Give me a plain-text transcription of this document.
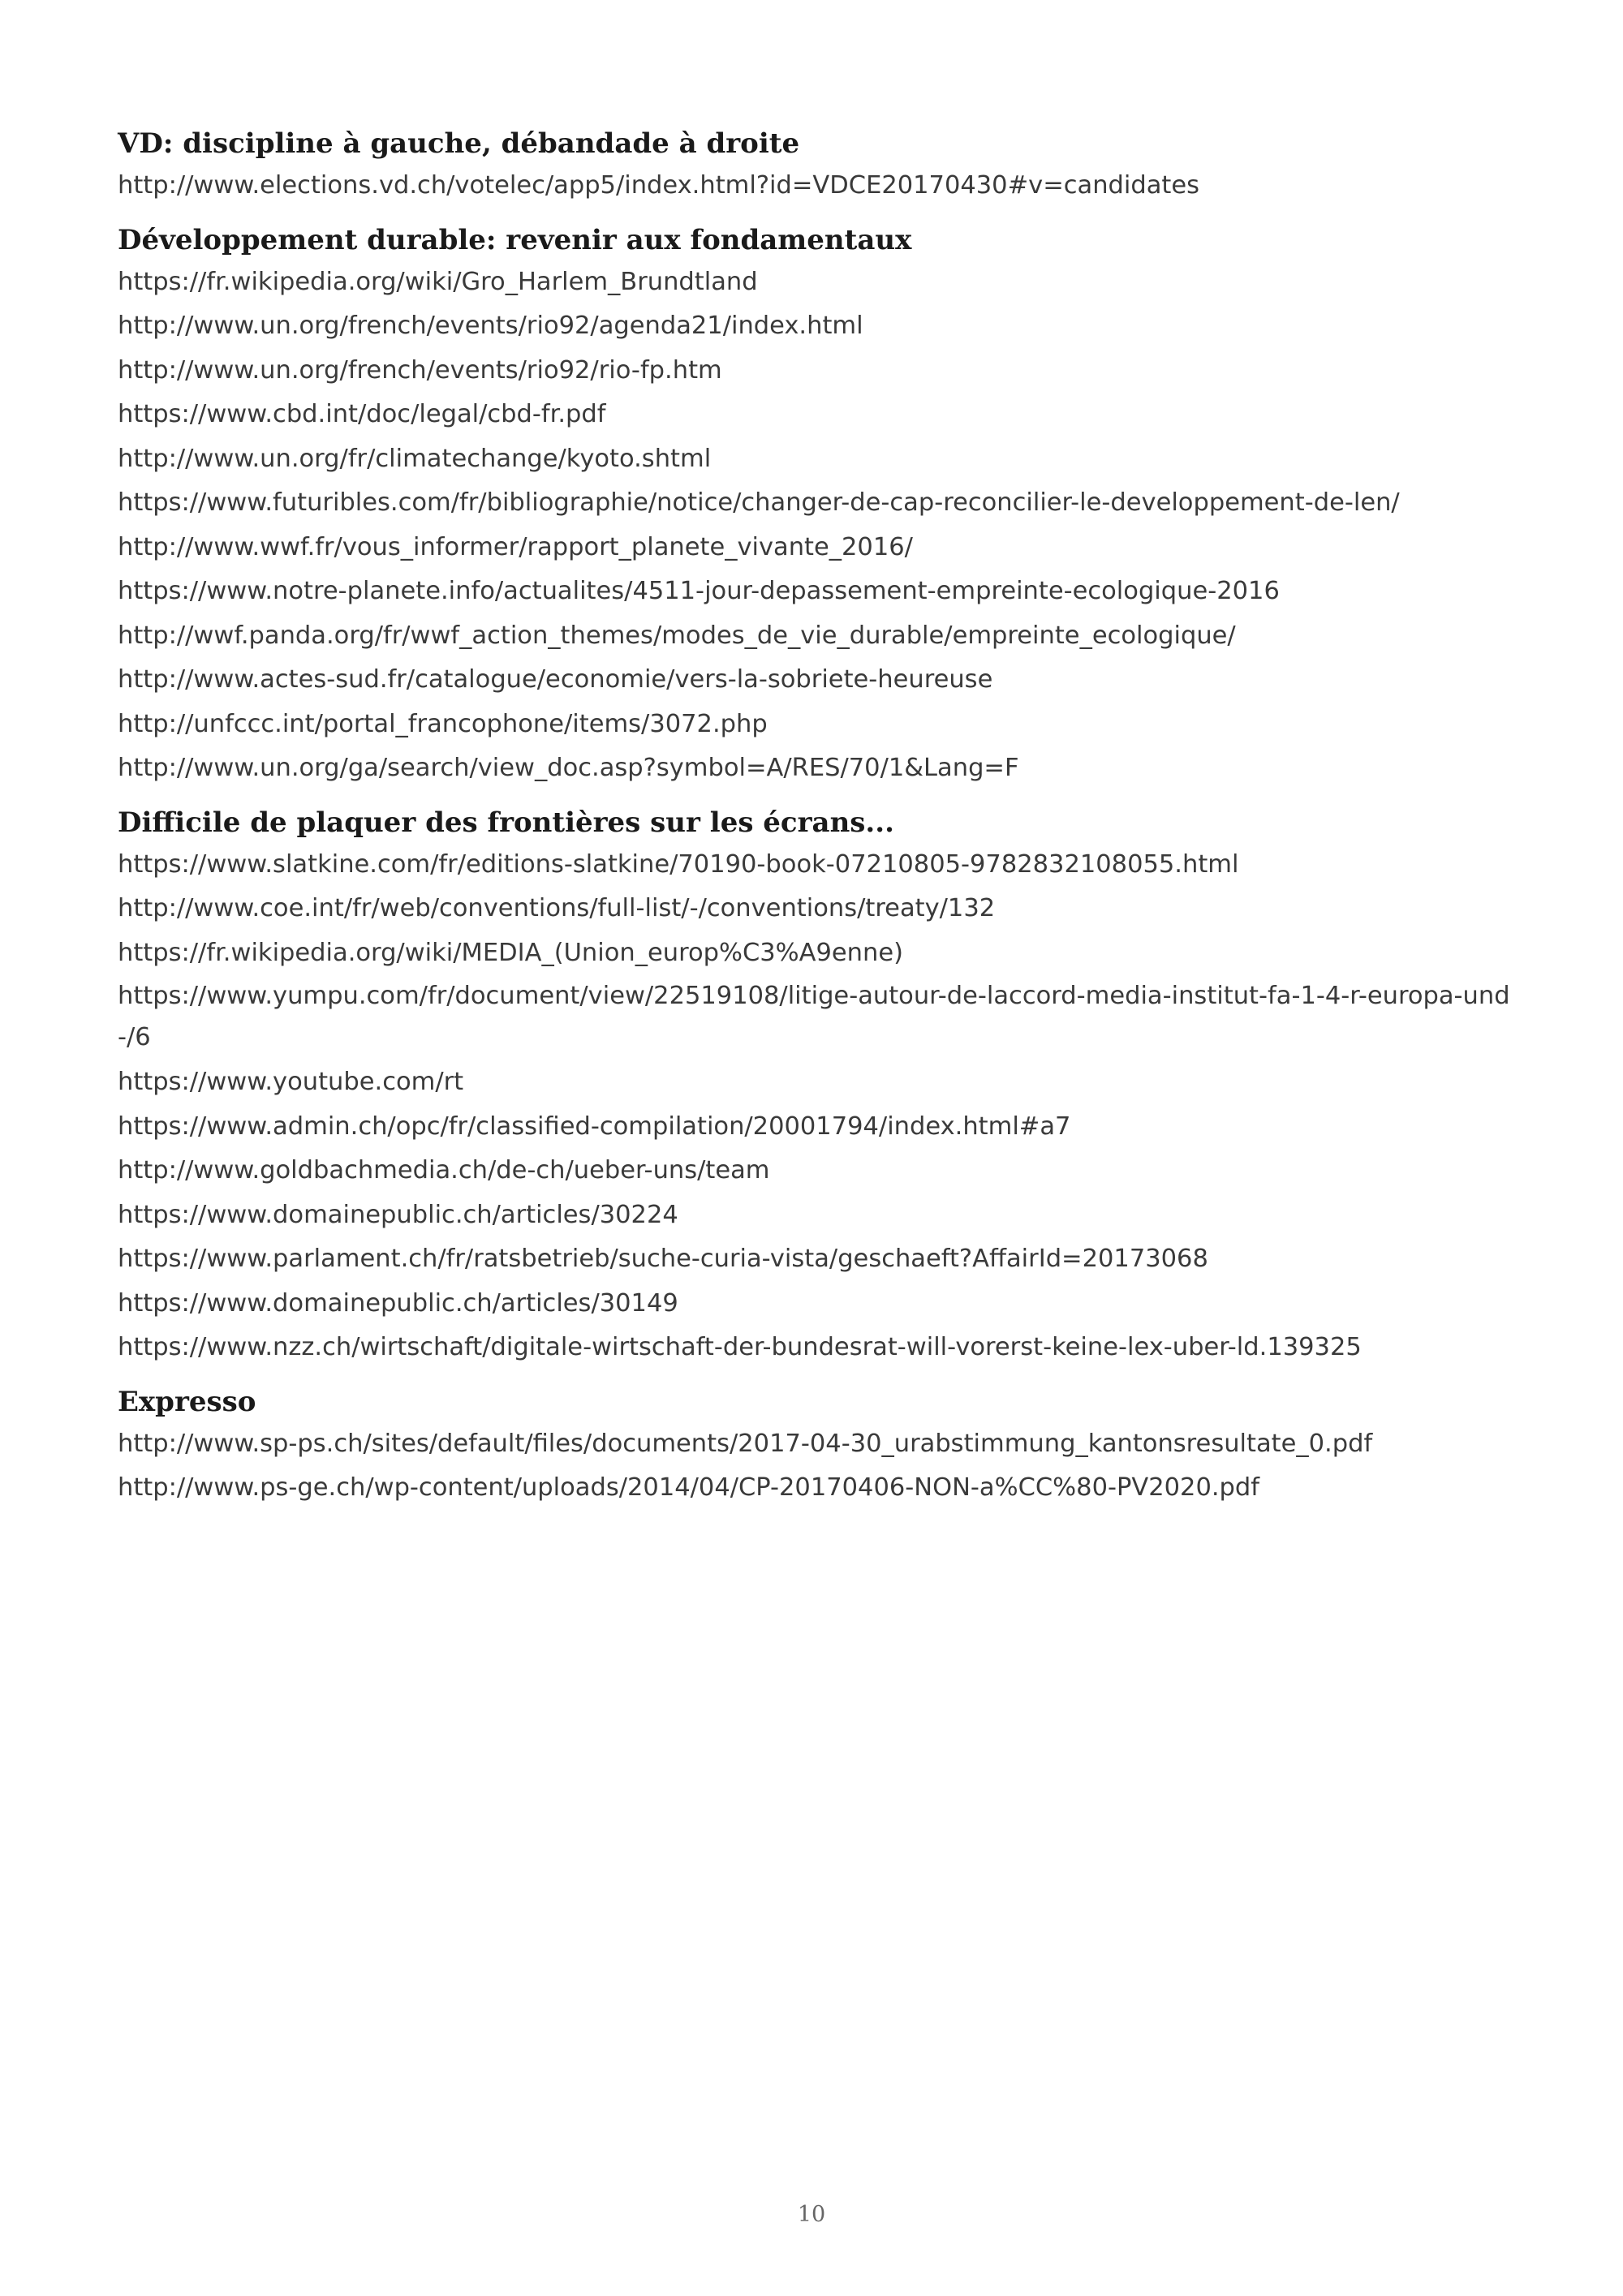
VD: discipline à gauche, débandade à droite
http://www.elections.vd.ch/votelec/app5/index.html?id=VDCE20170430#v=candidates
Développement durable: revenir aux fondamentaux
https://fr.wikipedia.org/wiki/Gro_Harlem_Brundtland
http://www.un.org/french/events/rio92/agenda21/index.html
http://www.un.org/french/events/rio92/rio-fp.htm
https://www.cbd.int/doc/legal/cbd-fr.pdf
http://www.un.org/fr/climatechange/kyoto.shtml
https://www.futuribles.com/fr/bibliographie/notice/changer-de-cap-reconcilier-le-developpement-de-len/
http://www.wwf.fr/vous_informer/rapport_planete_vivante_2016/
https://www.notre-planete.info/actualites/4511-jour-depassement-empreinte-ecologique-2016
http://wwf.panda.org/fr/wwf_action_themes/modes_de_vie_durable/empreinte_ecologique/
http://www.actes-sud.fr/catalogue/economie/vers-la-sobriete-heureuse
http://unfccc.int/portal_francophone/items/3072.php
http://www.un.org/ga/search/view_doc.asp?symbol=A/RES/70/1&Lang=F
Difficile de plaquer des frontières sur les écrans...
https://www.slatkine.com/fr/editions-slatkine/70190-book-07210805-9782832108055.html
http://www.coe.int/fr/web/conventions/full-list/-/conventions/treaty/132
https://fr.wikipedia.org/wiki/MEDIA_(Union_europ%C3%A9enne)
https://www.yumpu.com/fr/document/view/22519108/litige-autour-de-laccord-media-institut-fa-1-4-r-europa-und-/6
https://www.youtube.com/rt
https://www.admin.ch/opc/fr/classified-compilation/20001794/index.html#a7
http://www.goldbachmedia.ch/de-ch/ueber-uns/team
https://www.domainepublic.ch/articles/30224
https://www.parlament.ch/fr/ratsbetrieb/suche-curia-vista/geschaeft?AffairId=20173068
https://www.domainepublic.ch/articles/30149
https://www.nzz.ch/wirtschaft/digitale-wirtschaft-der-bundesrat-will-vorerst-keine-lex-uber-ld.139325
Expresso
http://www.sp-ps.ch/sites/default/files/documents/2017-04-30_urabstimmung_kantonsresultate_0.pdf
http://www.ps-ge.ch/wp-content/uploads/2014/04/CP-20170406-NON-a%CC%80-PV2020.pdf
10
